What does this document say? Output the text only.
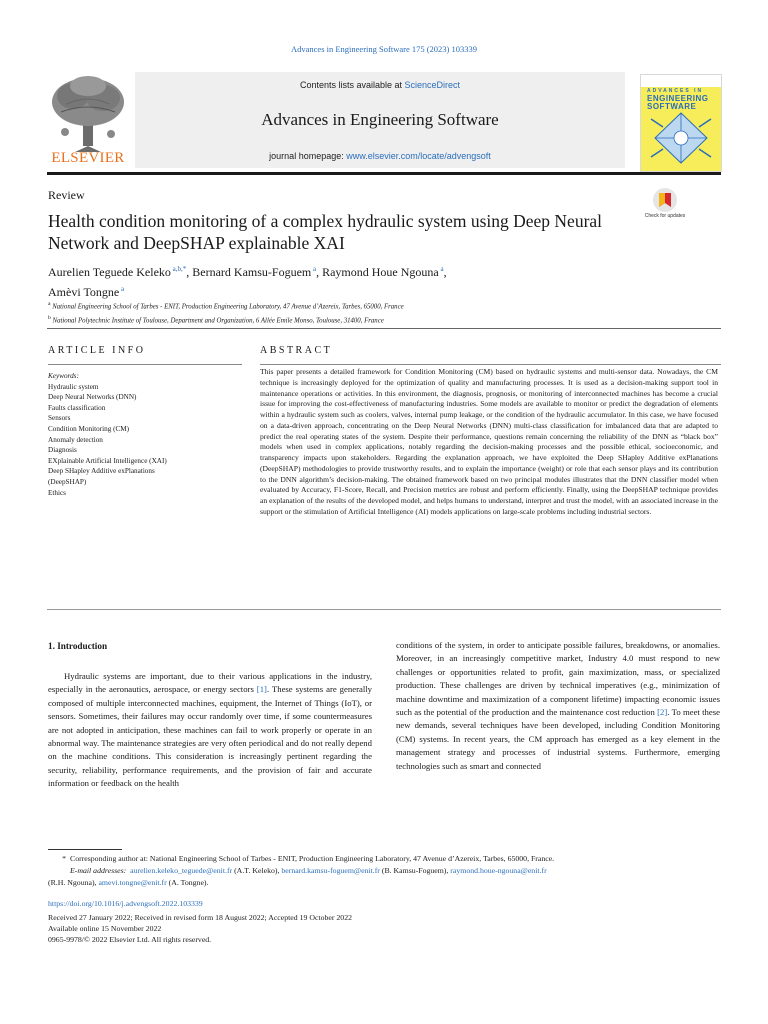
Advances in Engineering Software 175 (2023) 103339
ELSEVIER
Contents lists available at ScienceDirect
Advances in Engineering Software
journal homepage: www.elsevier.com/locate/advengsoft
ADVANCES IN
ENGINEERING
SOFTWARE
Review
Check for updates
Health condition monitoring of a complex hydraulic system using Deep Neural Network and DeepSHAP explainable XAI
Aurelien Teguede Keleko $^{a,b,*}$, Bernard Kamsu-Foguem $^a$, Raymond Houe Ngouna $^a$,
Amèvi Tongne $^a$
$^a$ National Engineering School of Tarbes - ENIT, Production Engineering Laboratory, 47 Avenue d’Azereix, Tarbes, 65000, France
$^b$ National Polytechnic Institute of Toulouse, Department and Organization, 6 Allée Emile Monso, Toulouse, 31400, France
ARTICLE INFO	ABSTRACT
Keywords:
Hydraulic system
Deep Neural Networks (DNN)
Faults classification
Sensors
Condition Monitoring (CM)
Anomaly detection
Diagnosis
EXplainable Artificial Intelligence (XAI)
Deep SHapley Additive exPlanations
(DeepSHAP)
Ethics
This paper presents a detailed framework for Condition Monitoring (CM) based on hydraulic systems and multi-sensor data. Nowadays, the CM technique is increasingly deployed for the optimization of quality and manufacturing processes. It is used as a decision-making support tool in maintenance operations or activities. In this environment, the diagnosis, prognosis, or monitoring of interconnected machines has become a crucial issue for improving the cost-effectiveness of manufacturing industries. Some models are available to monitor or predict the degradation of elements within a hydraulic system such as coolers, valves, internal pump leakage, or the condition of the hydraulic accumulator. In this case, we have focused on a data-driven approach, concentrating on the Deep Neural Networks (DNN) multi-class classification for imbalanced data that are adapted to predict the real operating states of the system. Despite their performance, questions remain concerning the reliability of the DNN as “black box” models when used in complex applications, notably regarding the decision-making processes and the possible ethical, socioeconomic, and transparency impacts upon stakeholders. Regarding the explanation approach, we have exploited the Deep SHapley Additive exPlanations (DeepSHAP) methodologies to provide trustworthy results, and to explain the importance (weight) or role that each sensor plays and its contribution to the DNN algorithm’s decision-making. The obtained framework based on two principal modules illustrates that the DNN classifier model when evaluated by Accuracy, F1-Score, Recall, and Precision metrics are robust and perform efficiently. Finally, using the DeepSHAP technique provides an explanation of the results of the developed model, and helps humans to understand, interpret and trust the model, with an associated increase in the support or the stimulation of Artificial Intelligence (AI) models applications on large-scale problems including industrial sectors.
1. Introduction
Hydraulic systems are important, due to their various applications in the industry, especially in the aeronautics, aerospace, or energy sectors [1]. These systems are generally composed of multiple interconnected machines, equipment, the Internet of Things (IoT), or sensors. Sometimes, their failures may occur randomly over time, if some countermeasures are not adopted in anticipation, these machines can fail to work properly or operate in an abnormal way. The maintenance strategies are very often periodical and do not really depend on the machine conditions. This consideration is increasingly pertinent regarding the security, reliability, performance requirements, and the provision of fair and accurate information or feedback on the health
conditions of the system, in order to anticipate possible failures, breakdowns, or anomalies. Moreover, in an increasingly competitive market, Industry 4.0 must respond to new challenges or opportunities related to profit, gain maximization, mass, or specialized production. These challenges are driven by technical imperatives (e.g., minimization of machine downtime and maximization of a component lifetime) impacting economic issues such as the potential of the production and the maintenance cost reduction [2]. To meet these new demands, several techniques have been developed, including Condition Monitoring (CM) systems. In recent years, the CM approach has emerged as a key element in the management strategy and processes of industrial systems. Furthermore, emerging technologies such as smart and connected
* Corresponding author at: National Engineering School of Tarbes - ENIT, Production Engineering Laboratory, 47 Avenue d’Azereix, Tarbes, 65000, France.
E-mail addresses: aurelien.keleko_teguede@enit.fr (A.T. Keleko), bernard.kamsu-foguem@enit.fr (B. Kamsu-Foguem), raymond.houe-ngouna@enit.fr
(R.H. Ngouna), amevi.tongne@enit.fr (A. Tongne).
https://doi.org/10.1016/j.advengsoft.2022.103339
Received 27 January 2022; Received in revised form 18 August 2022; Accepted 19 October 2022
Available online 15 November 2022
0965-9978/© 2022 Elsevier Ltd. All rights reserved.
